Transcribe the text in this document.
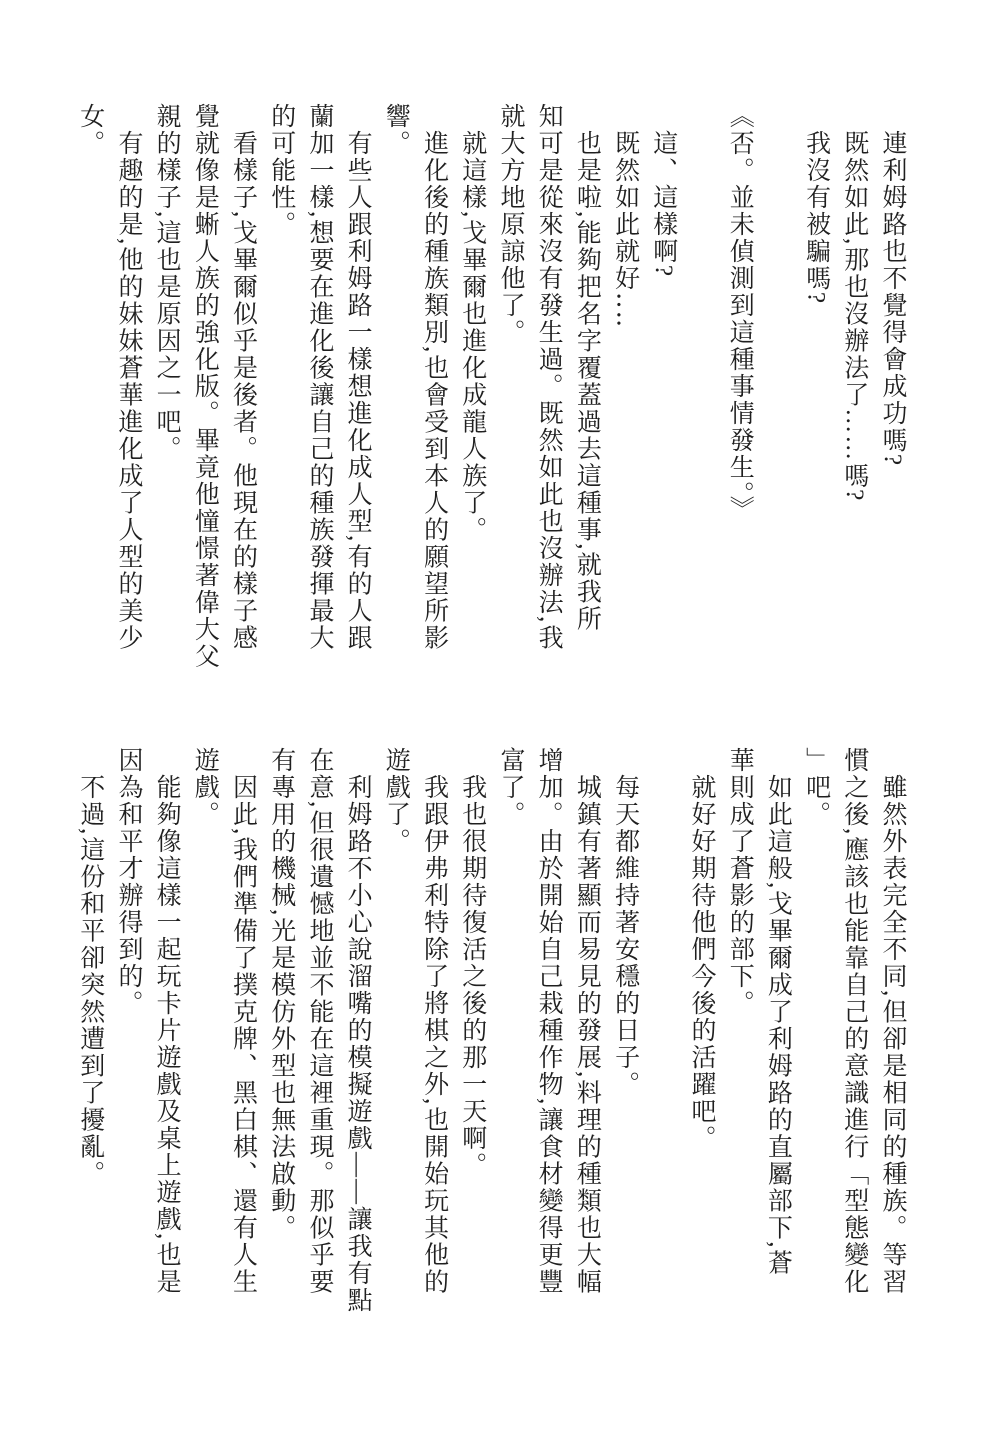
　連利姆路也不覺得會成功嗎?
　既然如此,那也沒辦法了……嗎?
　我沒有被騙嗎?

《否。並未偵測到這種事情發生。》

　這、這樣啊?
　既然如此就好‥‥
　也是啦,能夠把名字覆蓋過去這種事,就我所
知可是從來沒有發生過。既然如此也沒辦法,我
就大方地原諒他了。
　就這樣,戈畢爾也進化成龍人族了。
　進化後的種族類別,也會受到本人的願望所影
響。
　有些人跟利姆路一樣想進化成人型,有的人跟
蘭加一樣,想要在進化後讓自己的種族發揮最大
的可能性。
　看樣子,戈畢爾似乎是後者。他現在的樣子感
覺就像是蜥人族的強化版。畢竟他憧憬著偉大父
親的樣子,這也是原因之一吧。
　有趣的是,他的妹妹蒼華進化成了人型的美少
女。
　雖然外表完全不同,但卻是相同的種族。等習
慣之後,應該也能靠自己的意識進行「型態變化
」吧。
　如此這般,戈畢爾成了利姆路的直屬部下,蒼
華則成了蒼影的部下。
　就好好期待他們今後的活躍吧。

　每天都維持著安穩的日子。
　城鎮有著顯而易見的發展,料理的種類也大幅
增加。由於開始自己栽種作物,讓食材變得更豐
富了。
　我也很期待復活之後的那一天啊。
　我跟伊弗利特除了將棋之外,也開始玩其他的
遊戲了。
　利姆路不小心說溜嘴的模擬遊戲——讓我有點
在意,但很遺憾地並不能在這裡重現。那似乎要
有專用的機械,光是模仿外型也無法啟動。
　因此,我們準備了撲克牌、黑白棋、還有人生
遊戲。
　能夠像這樣一起玩卡片遊戲及桌上遊戲,也是
因為和平才辦得到的。
　不過,這份和平卻突然遭到了擾亂。
